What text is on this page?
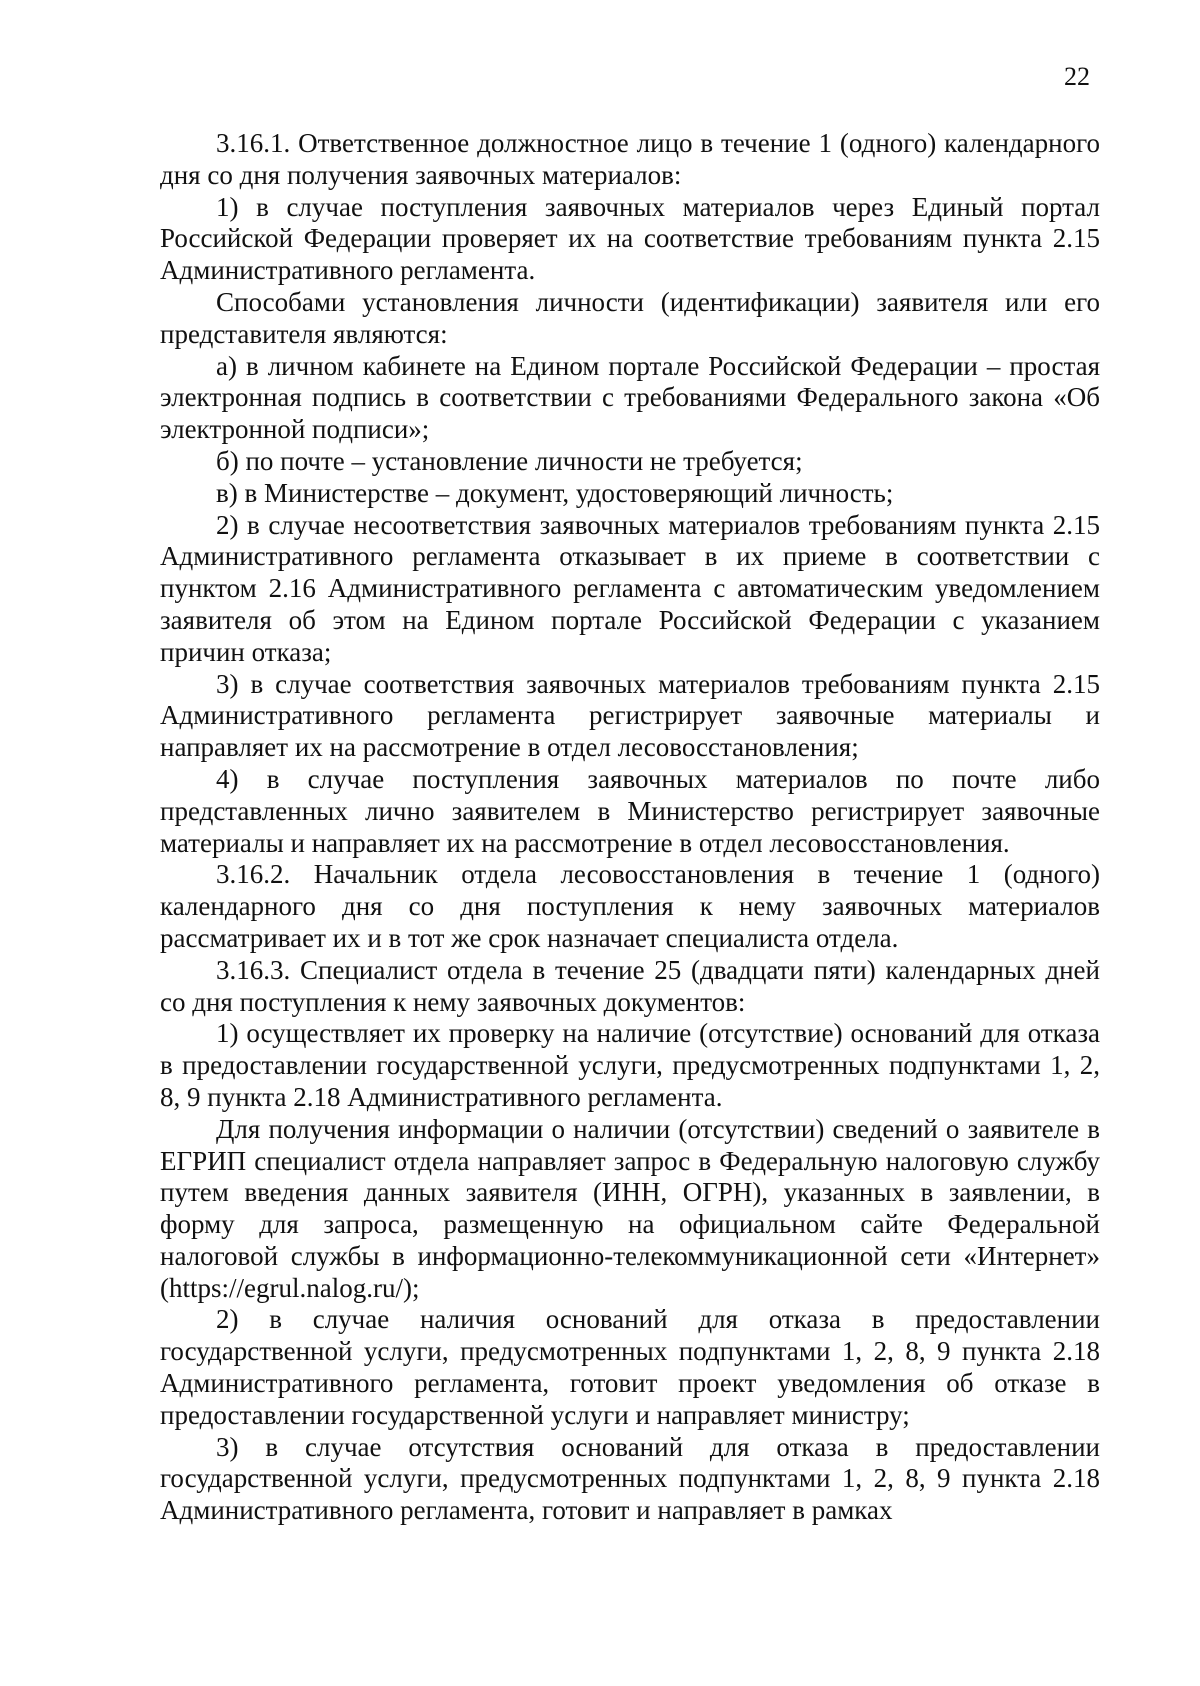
22

3.16.1. Ответственное должностное лицо в течение 1 (одного) календарного дня со дня получения заявочных материалов:

1) в случае поступления заявочных материалов через Единый портал Российской Федерации проверяет их на соответствие требованиям пункта 2.15 Административного регламента.

Способами установления личности (идентификации) заявителя или его представителя являются:

а) в личном кабинете на Едином портале Российской Федерации – простая электронная подпись в соответствии с требованиями Федерального закона «Об электронной подписи»;

б) по почте – установление личности не требуется;

в) в Министерстве – документ, удостоверяющий личность;

2) в случае несоответствия заявочных материалов требованиям пункта 2.15 Административного регламента отказывает в их приеме в соответствии с пунктом 2.16 Административного регламента с автоматическим уведомлением заявителя об этом на Едином портале Российской Федерации с указанием причин отказа;

3) в случае соответствия заявочных материалов требованиям пункта 2.15 Административного регламента регистрирует заявочные материалы и направляет их на рассмотрение в отдел лесовосстановления;

4) в случае поступления заявочных материалов по почте либо представленных лично заявителем в Министерство регистрирует заявочные материалы и направляет их на рассмотрение в отдел лесовосстановления.

3.16.2. Начальник отдела лесовосстановления в течение 1 (одного) календарного дня со дня поступления к нему заявочных материалов рассматривает их и в тот же срок назначает специалиста отдела.

3.16.3. Специалист отдела в течение 25 (двадцати пяти) календарных дней со дня поступления к нему заявочных документов:

1) осуществляет их проверку на наличие (отсутствие) оснований для отказа в предоставлении государственной услуги, предусмотренных подпунктами 1, 2, 8, 9 пункта 2.18 Административного регламента.

Для получения информации о наличии (отсутствии) сведений о заявителе в ЕГРИП специалист отдела направляет запрос в Федеральную налоговую службу путем введения данных заявителя (ИНН, ОГРН), указанных в заявлении, в форму для запроса, размещенную на официальном сайте Федеральной налоговой службы в информационно-телекоммуникационной сети «Интернет» (https://egrul.nalog.ru/);

2) в случае наличия оснований для отказа в предоставлении государственной услуги, предусмотренных подпунктами 1, 2, 8, 9 пункта 2.18 Административного регламента, готовит проект уведомления об отказе в предоставлении государственной услуги и направляет министру;

3) в случае отсутствия оснований для отказа в предоставлении государственной услуги, предусмотренных подпунктами 1, 2, 8, 9 пункта 2.18 Административного регламента, готовит и направляет в рамках
